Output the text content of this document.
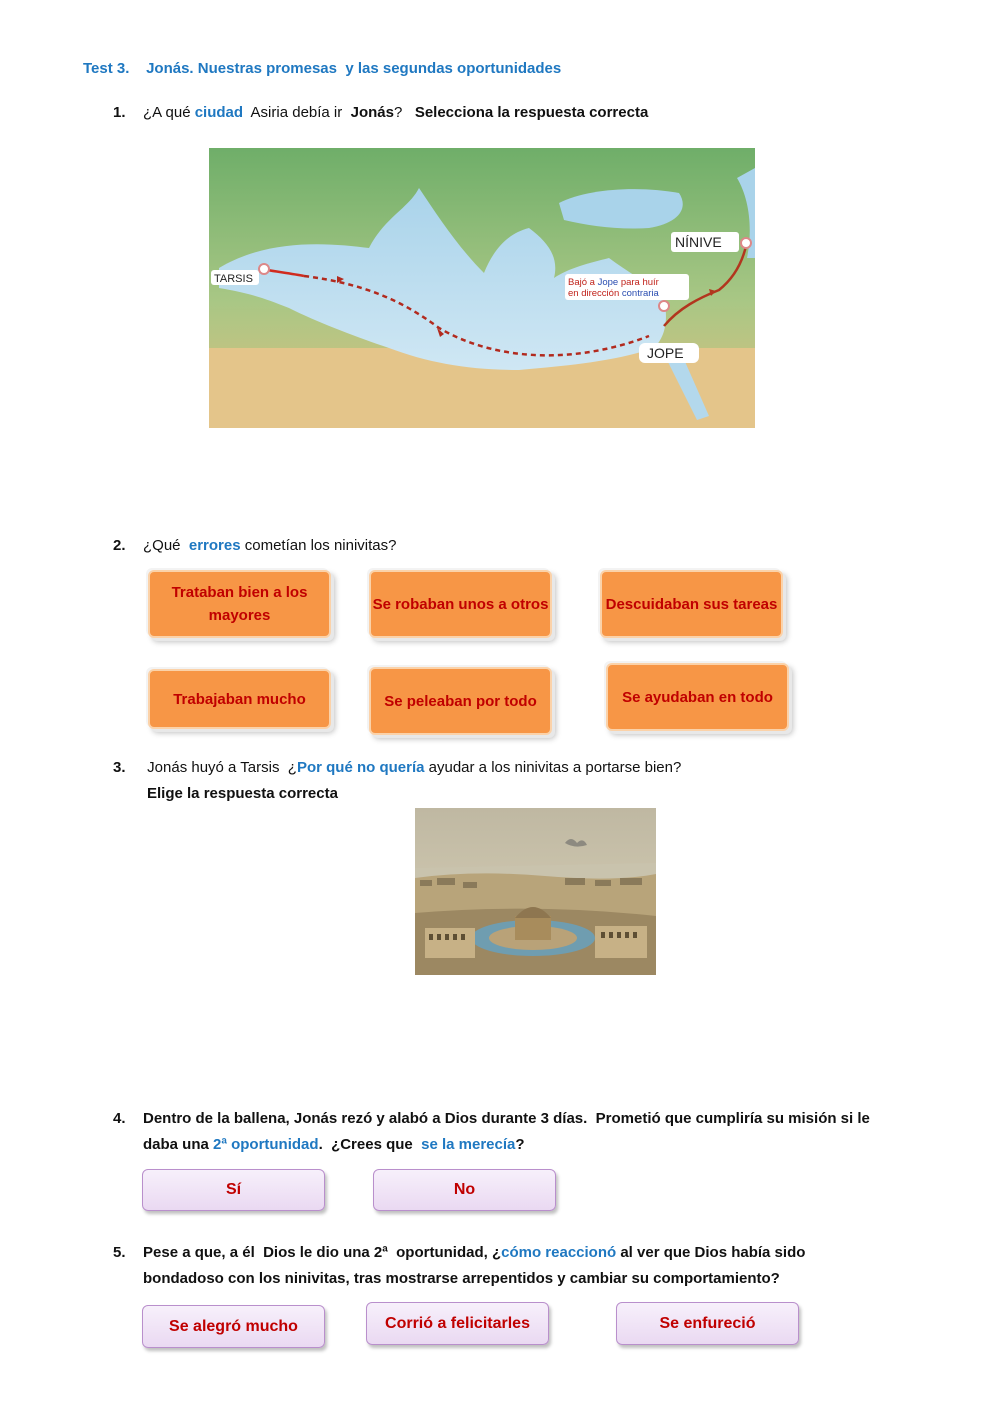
Test 3.    Jonás. Nuestras promesas  y las segundas oportunidades
1. ¿A qué ciudad  Asiria debía ir  Jonás?   Selecciona la respuesta correcta
TARSIS
NÍNIVE
JOPE
Bajó a Jope para huír
en dirección contraria
2. ¿Qué  errores cometían los ninivitas?
Trataban bien a los mayores
Se robaban unos a otros	Descuidaban sus tareas
Trabajaban mucho	Se peleaban por todo	Se ayudaban en todo
3. Jonás huyó a Tarsis  ¿Por qué no quería ayudar a los ninivitas a portarse bien?
Elige la respuesta correcta
4. Dentro de la ballena, Jonás rezó y alabó a Dios durante 3 días.  Prometió que cumpliría su misión si le
daba una 2ª oportunidad.  ¿Crees que  se la merecía?
Sí	No
5. Pese a que, a él  Dios le dio una 2ª  oportunidad, ¿cómo reaccionó al ver que Dios había sido
bondadoso con los ninivitas, tras mostrarse arrepentidos y cambiar su comportamiento?
Se alegró mucho	Corrió a felicitarles	Se enfureció
